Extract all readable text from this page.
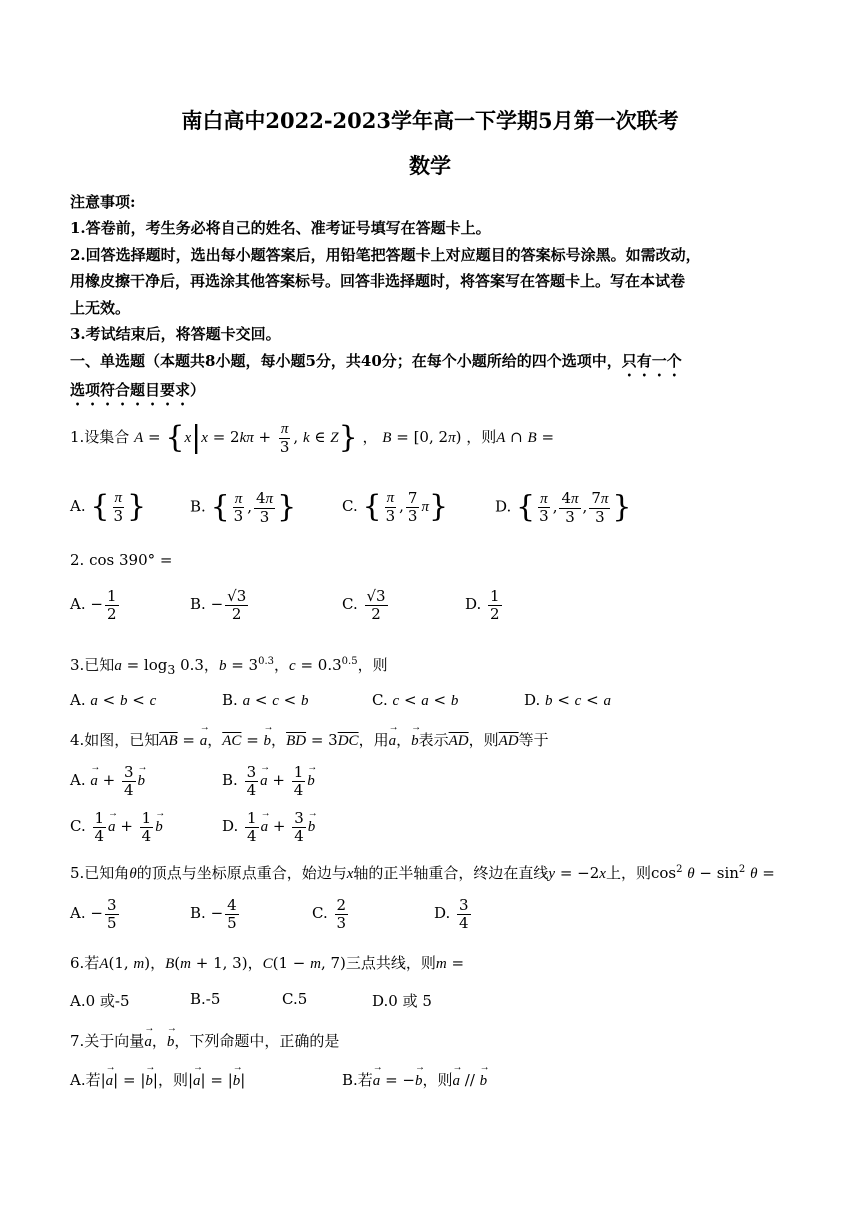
南白高中2022-2023学年高一下学期5月第一次联考
数学
注意事项:
1.答卷前，考生务必将自己的姓名、准考证号填写在答题卡上。
2.回答选择题时，选出每小题答案后，用铅笔把答题卡上对应题目的答案标号涂黑。如需改动，
用橡皮擦干净后，再选涂其他答案标号。回答非选择题时，将答案写在答题卡上。写在本试卷
上无效。
3.考试结束后，将答题卡交回。
一、单选题（本题共8小题，每小题5分，共40分；在每个小题所给的四个选项中，只有一个
选项符合题目要求）
1.设集合 $A = \{x|x = 2k\pi + \frac{\pi}{3}$ , k ∈ Z} ， B = [0, 2π) ，则A ∩ B =
A. { $\frac{\pi}{3}$ }	B. { $\frac{\pi}{3}$ , $\frac{4\pi}{3}$ }	C. { $\frac{\pi}{3}$ , $\frac{7}{3} \pi$}	D. { $\frac{\pi}{3}$ , $\frac{4\pi}{3}$ , $\frac{7\pi}{3}$ }
2. cos 390° =
A. − $\frac{1}{2}$	B. − $\frac{√3}{2}$	C. $\frac{√3}{2}$	D. $\frac{1}{2}$
3.已知$a = \log_3 0.3$，$b = 3^{0.3}$，$c = 0.3^{0.5}$，则
A. a < b < c	B. a < c < b	C. c < a < b	D. b < c < a
4.如图，已知$\overline{AB}$ = → a，$\overline{AC}$ = → b，$\overline{BD} = 3\overline{DC}$，用→ a，→ b表示$\overline{AD}$，则$\overline{AD}$等于
A. → $a + \frac{3}{4} \to b$	B. $\frac{3}{4} \to a + \frac{1}{4} \to b$
C. $\frac{1}{4} \to a + \frac{1}{4} \to b$	D. $\frac{1}{4} \to a + \frac{3}{4} \to b$
5.已知角θ的顶点与坐标原点重合，始边与x轴的正半轴重合，终边在直线y = −2x上，则$\cos^2 \theta - \sin^2 \theta$ =
A. − $\frac{3}{5}$	B. − $\frac{4}{5}$	C. $\frac{2}{3}$	D. $\frac{3}{4}$
6.若A(1, m)，B(m + 1, 3)，C(1 − m, 7)三点共线，则m =
A.0 或-5	B.-5	C.5	D.0 或 5
7.关于向量→ a，→ b，下列命题中，正确的是
A.若|→ a| = |→ b|，则|→ a| = |→ b|	B.若→ a = −→ b，则→ a // → b
